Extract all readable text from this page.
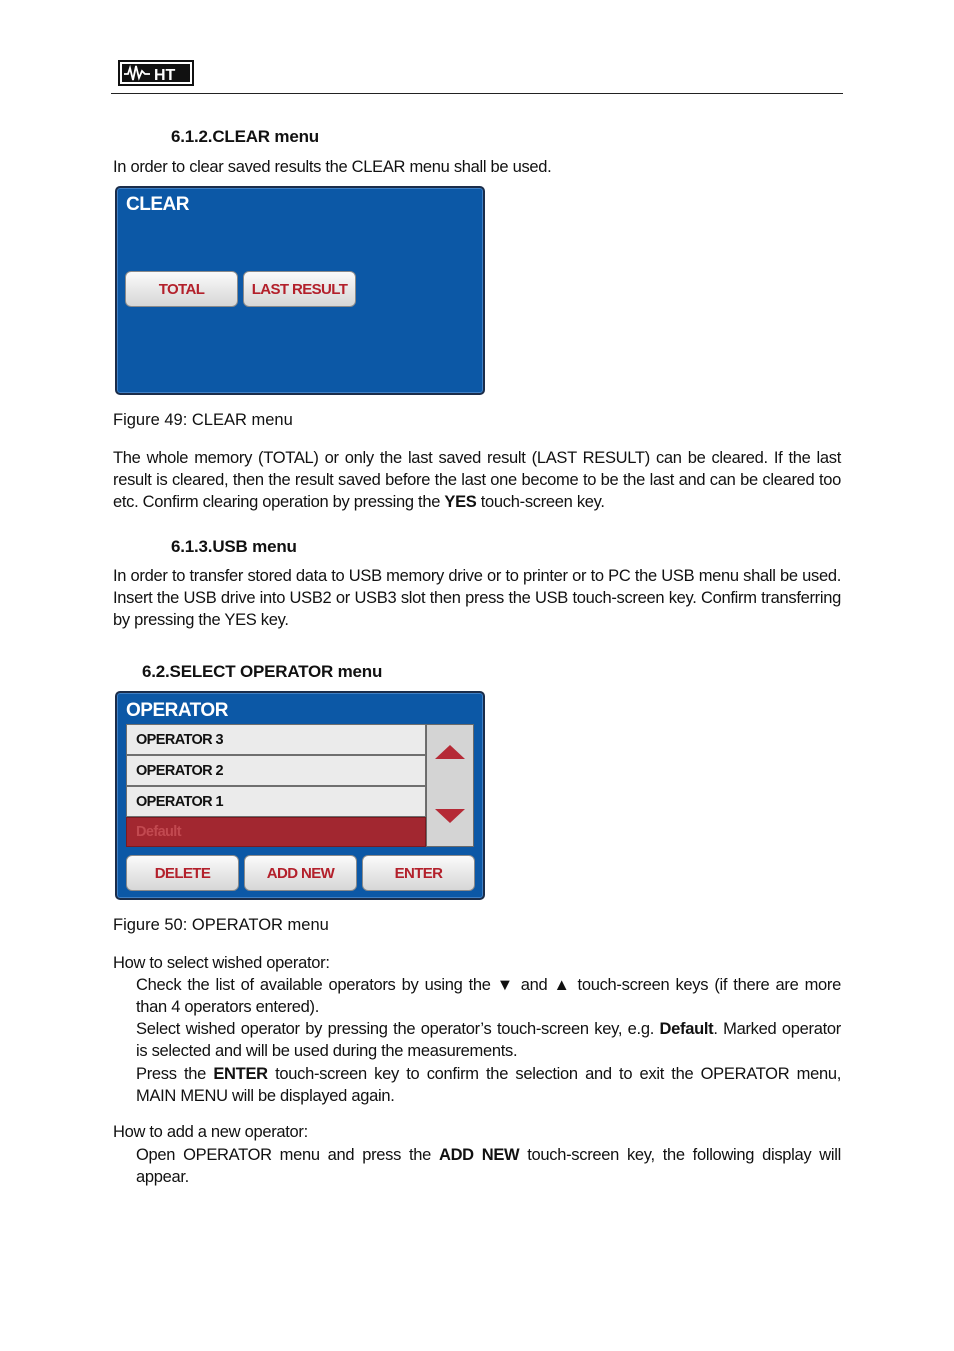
HT
6.1.2.CLEAR menu
In order to clear saved results the CLEAR menu shall be used.
CLEAR
TOTAL	LAST RESULT
Figure 49: CLEAR menu
The whole memory (TOTAL) or only the last saved result (LAST RESULT) can be cleared. If the last result is cleared, then the result saved before the last one become to be the last and can be cleared too etc. Confirm clearing operation by pressing the YES touch-screen key.
6.1.3.USB menu
In order to transfer stored data to USB memory drive or to printer or to PC the USB menu shall be used. Insert the USB drive into USB2 or USB3 slot then press the USB touch-screen key. Confirm transferring by pressing the YES key.
6.2.SELECT OPERATOR menu
OPERATOR
OPERATOR 3
OPERATOR 2
OPERATOR 1
Default
DELETE	ADD NEW	ENTER
Figure 50: OPERATOR menu
How to select wished operator:
Check the list of available operators by using the ▼ and ▲ touch-screen keys (if there are more than 4 operators entered).
Select wished operator by pressing the operator’s touch-screen key, e.g. Default. Marked operator is selected and will be used during the measurements.
Press the ENTER touch-screen key to confirm the selection and to exit the OPERATOR menu, MAIN MENU will be displayed again.
How to add a new operator:
Open OPERATOR menu and press the ADD NEW touch-screen key, the following display will appear.
